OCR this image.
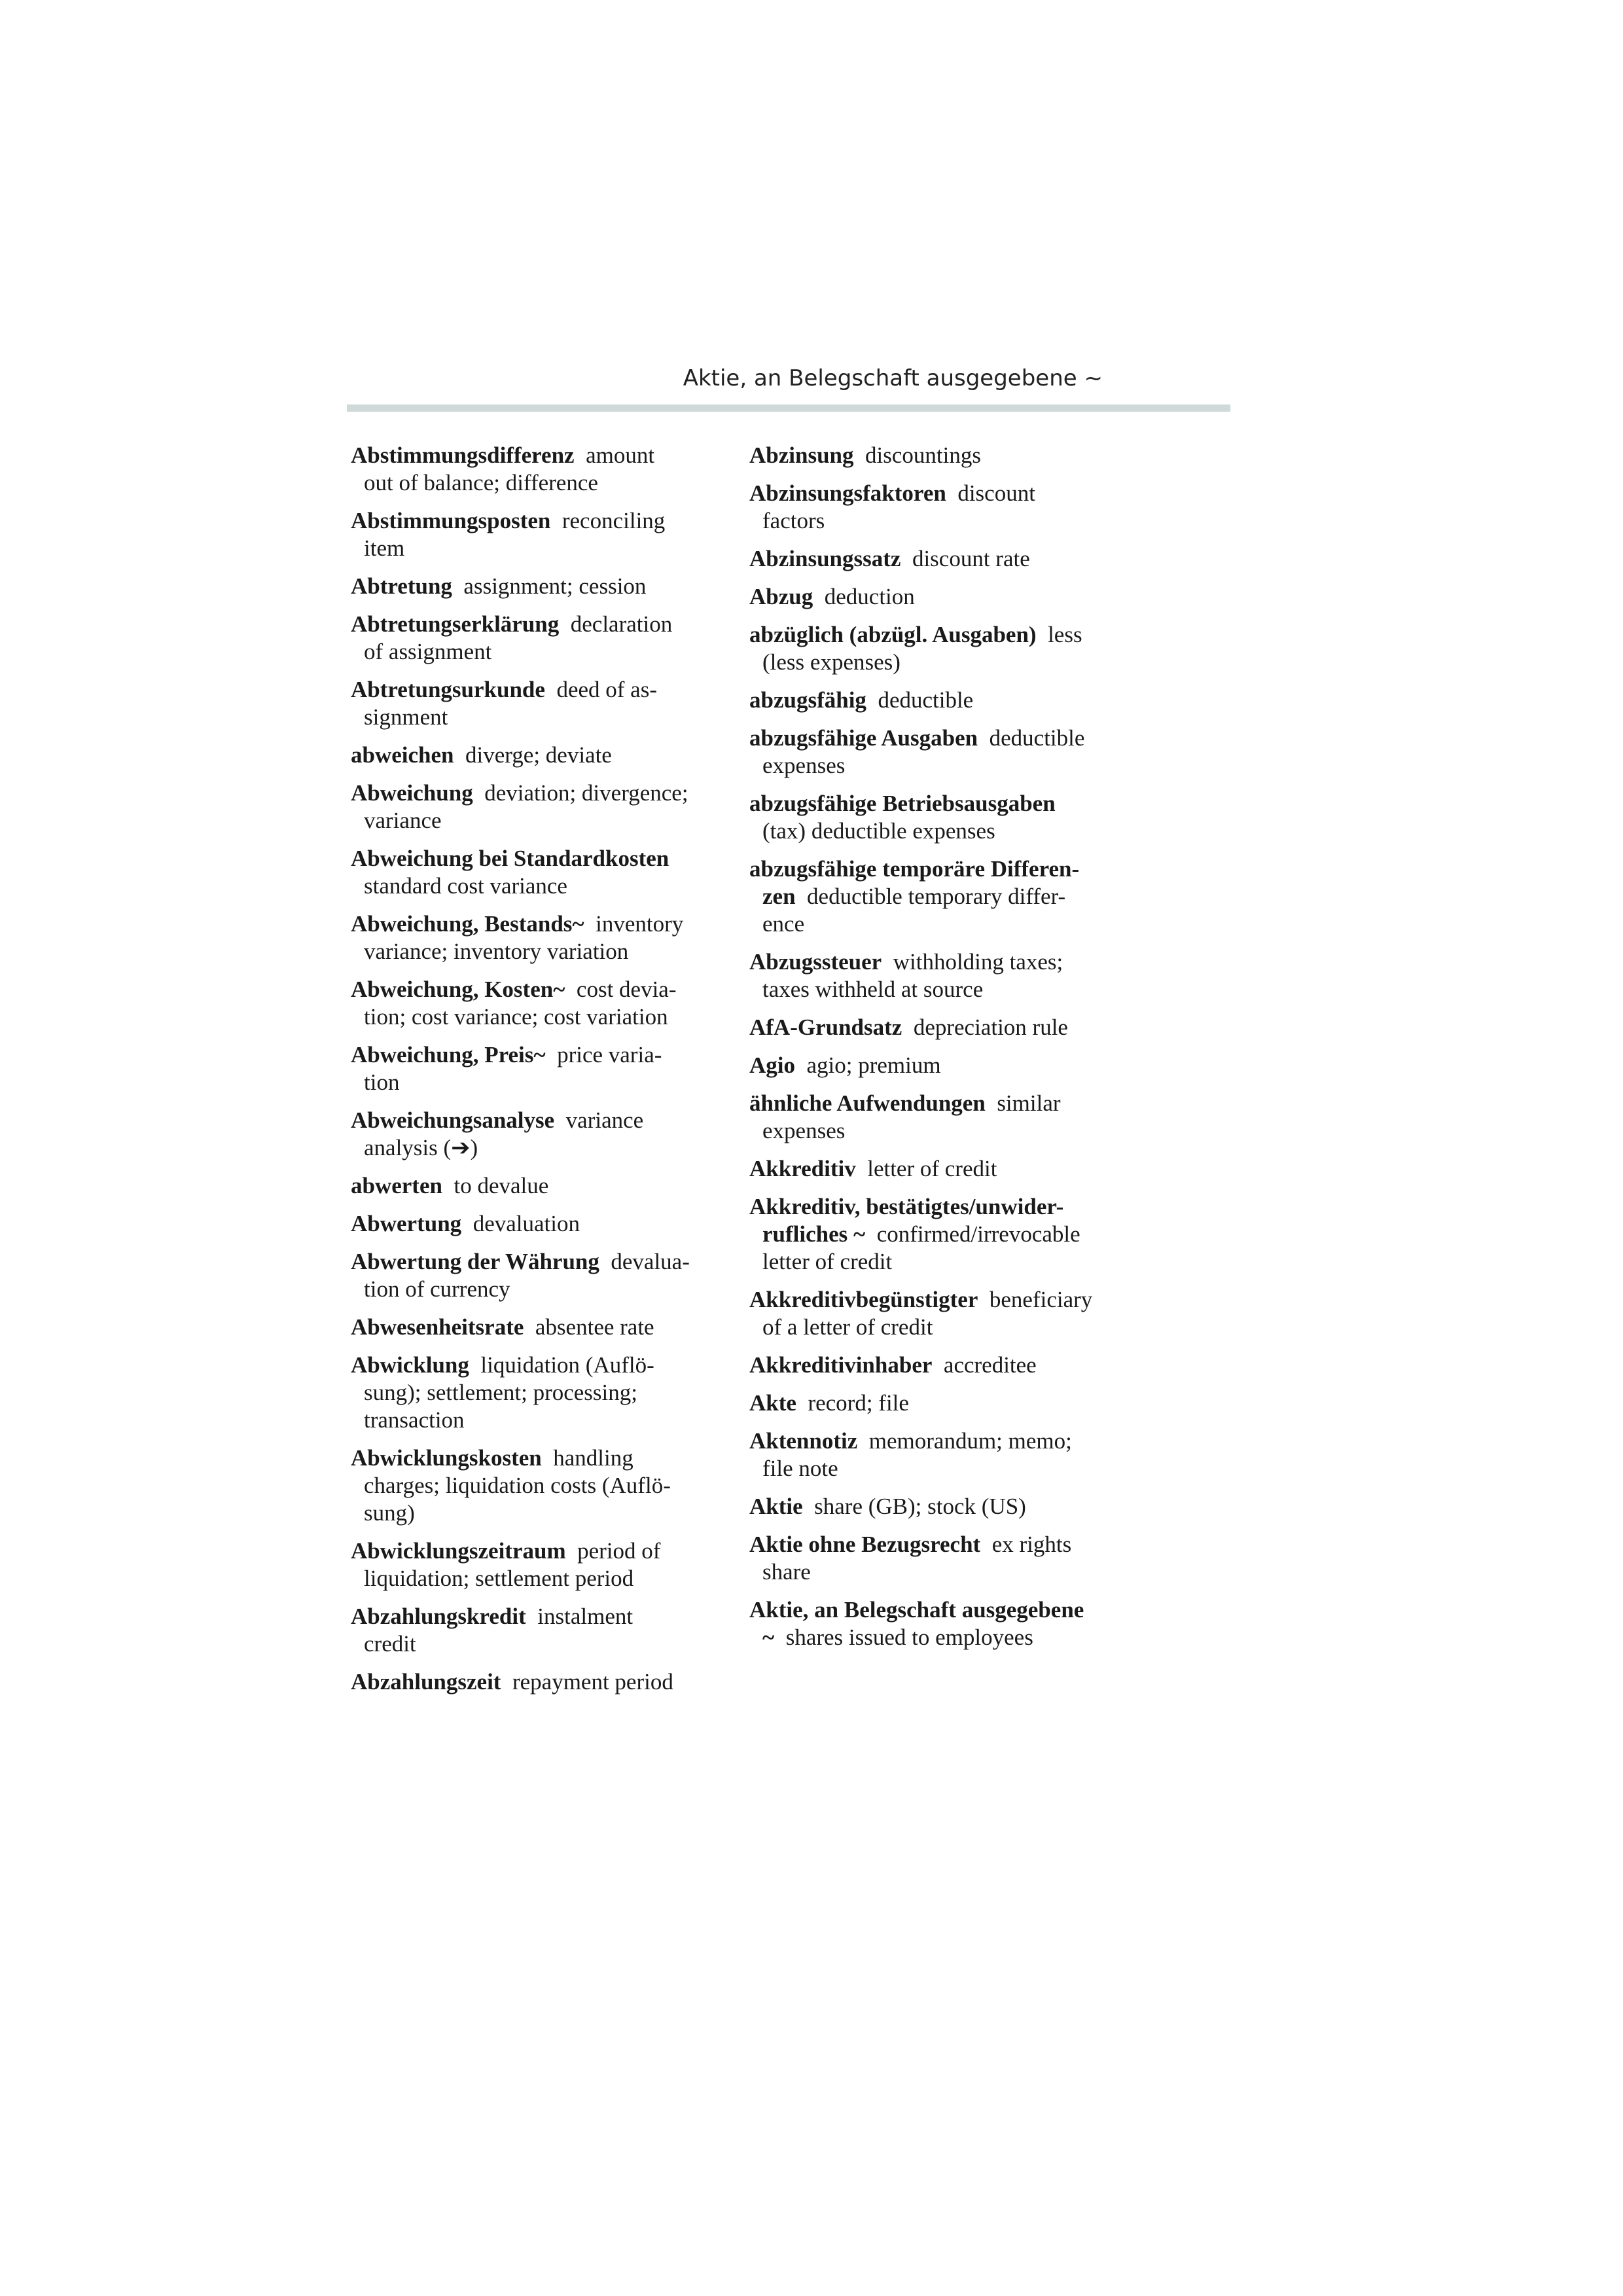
Aktie, an Belegschaft ausgegebene ~

Abstimmungsdifferenz  amount
out of balance; difference

Abstimmungsposten  reconciling
item

Abtretung  assignment; cession

Abtretungserklärung  declaration
of assignment

Abtretungsurkunde  deed of as-
signment

abweichen  diverge; deviate

Abweichung  deviation; divergence;
variance

Abweichung bei Standardkosten 
standard cost variance

Abweichung, Bestands~  inventory
variance; inventory variation

Abweichung, Kosten~  cost devia-
tion; cost variance; cost variation

Abweichung, Preis~  price varia-
tion

Abweichungsanalyse  variance
analysis (➔)

abwerten  to devalue

Abwertung  devaluation

Abwertung der Währung  devalua-
tion of currency

Abwesenheitsrate  absentee rate

Abwicklung  liquidation (Auflö-
sung); settlement; processing;
transaction

Abwicklungskosten  handling
charges; liquidation costs (Auflö-
sung)

Abwicklungszeitraum  period of
liquidation; settlement period

Abzahlungskredit  instalment
credit

Abzahlungszeit  repayment period

Abzinsung  discountings

Abzinsungsfaktoren  discount
factors

Abzinsungssatz  discount rate

Abzug  deduction

abzüglich (abzügl. Ausgaben)  less
(less expenses)

abzugsfähig  deductible

abzugsfähige Ausgaben  deductible
expenses

abzugsfähige Betriebsausgaben 
(tax) deductible expenses

abzugsfähige temporäre Differen-
zen  deductible temporary differ-
ence

Abzugssteuer  withholding taxes;
taxes withheld at source

AfA-Grundsatz  depreciation rule

Agio  agio; premium

ähnliche Aufwendungen  similar
expenses

Akkreditiv  letter of credit

Akkreditiv, bestätigtes/unwider-
rufliches ~  confirmed/irrevocable
letter of credit

Akkreditivbegünstigter  beneficiary
of a letter of credit

Akkreditivinhaber  accreditee

Akte  record; file

Aktennotiz  memorandum; memo;
file note

Aktie  share (GB); stock (US)

Aktie ohne Bezugsrecht  ex rights
share

Aktie, an Belegschaft ausgegebene
~  shares issued to employees
